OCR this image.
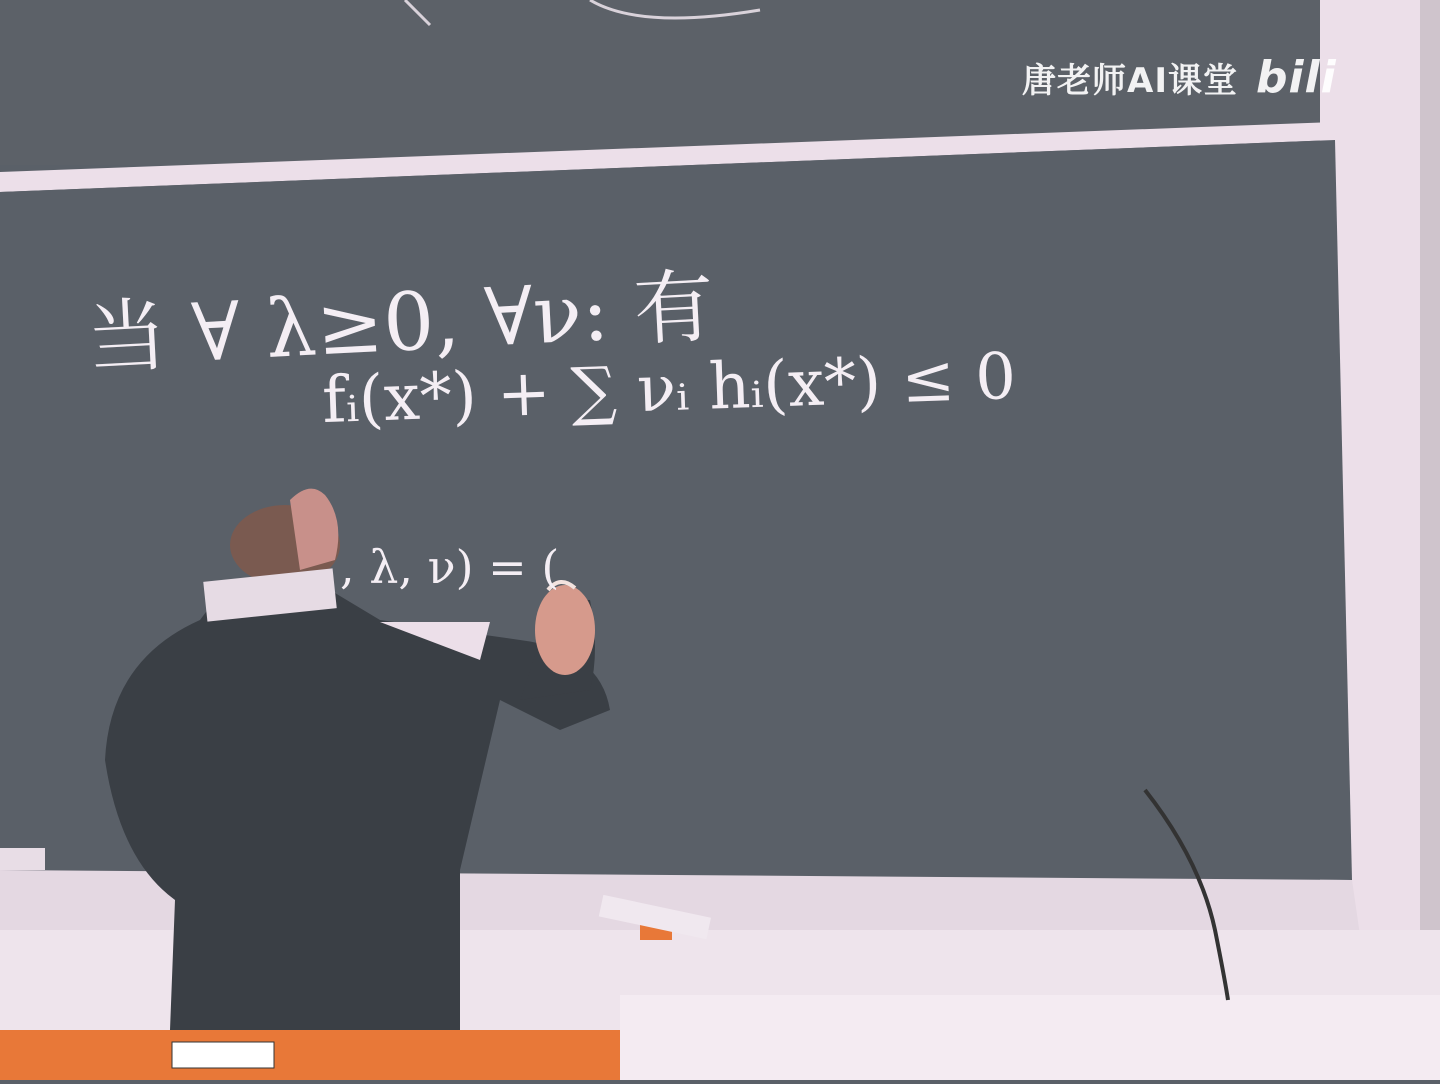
唐老师AI课堂 bili
当 ∀ λ≥0, ∀ν: 有
fᵢ(x*) + ∑ νᵢ hᵢ(x*) ≤ 0
, λ, ν) = (
